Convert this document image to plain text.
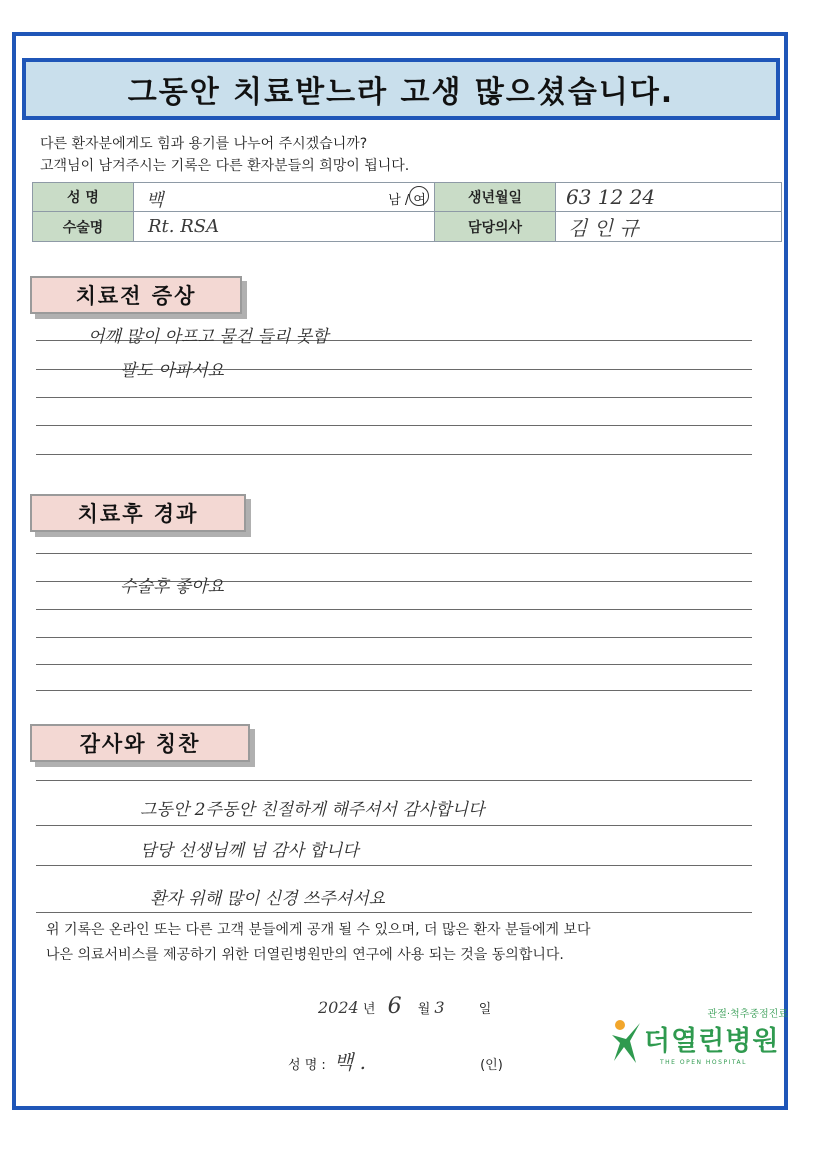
그동안 치료받느라 고생 많으셨습니다.
다른 환자분에게도 힘과 용기를 나누어 주시겠습니까?
고객님이 남겨주시는 기록은 다른 환자분들의 희망이 됩니다.
성 명	백 남 / 여	생년월일	63 12 24
수술명	Rt. RSA	담당의사	김 인 규
치료전 증상
어깨 많이 아프고 물건 들리 못함
팔도 아파서요
치료후 경과
수술후 좋아요
감사와 칭찬
그동안 2주동안 친절하게 해주셔서 감사합니다
담당 선생님께 넘 감사 합니다
환자 위해 많이 신경 쓰주셔서요
위 기록은 온라인 또는 다른 고객 분들에게 공개 될 수 있으며, 더 많은 환자 분들에게 보다
나은 의료서비스를 제공하기 위한 더열린병원만의 연구에 사용 되는 것을 동의합니다.
2024 년 6 월 3	일
성 명 : 백 .	(인)
관절·척추중점진료
더열린병원
THE OPEN HOSPITAL
